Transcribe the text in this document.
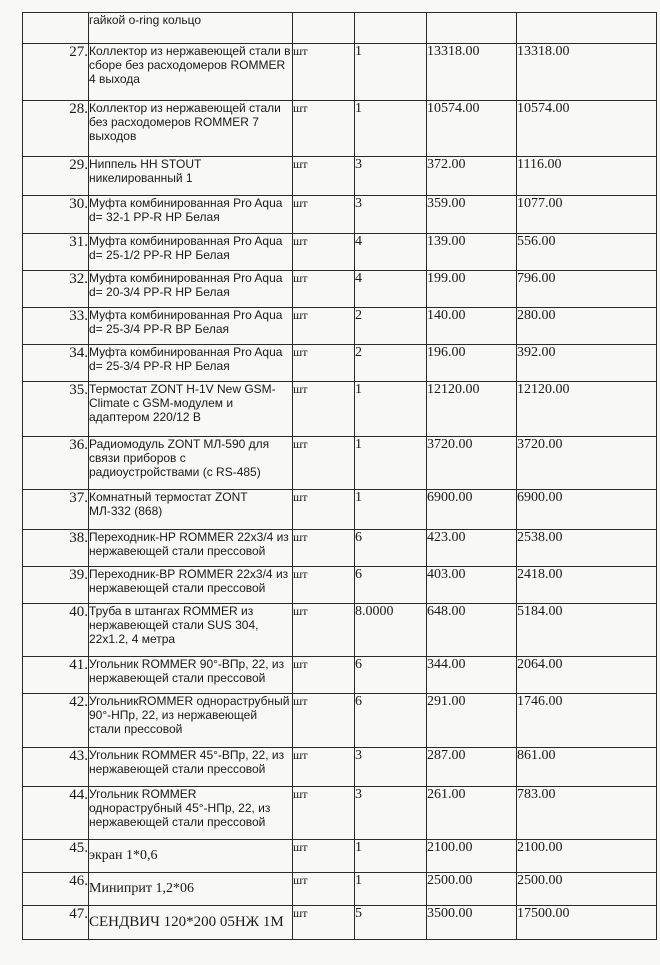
	гайкой o-ring кольцо				
27.	Коллектор из нержавеющей стали в сборе без расходомеров ROMMER 4 выхода	шт	1	13318.00	13318.00
28.	Коллектор из нержавеющей стали без расходомеров ROMMER 7 выходов	шт	1	10574.00	10574.00
29.	Ниппель НН STOUT никелированный 1	шт	3	372.00	1116.00
30.	Муфта комбинированная Pro Aqua d= 32-1 PP-R НР Белая	шт	3	359.00	1077.00
31.	Муфта комбинированная Pro Aqua d= 25-1/2 PP-R НР Белая	шт	4	139.00	556.00
32.	Муфта комбинированная Pro Aqua d= 20-3/4 PP-R НР Белая	шт	4	199.00	796.00
33.	Муфта комбинированная Pro Aqua d= 25-3/4 PP-R ВР Белая	шт	2	140.00	280.00
34.	Муфта комбинированная Pro Aqua d= 25-3/4 PP-R НР Белая	шт	2	196.00	392.00
35.	Термостат ZONT H-1V New GSM-Climate с GSM-модулем и адаптером 220/12 В	шт	1	12120.00	12120.00
36.	Радиомодуль ZONT МЛ-590 для связи приборов с радиоустройствами (с RS-485)	шт	1	3720.00	3720.00
37.	Комнатный термостат ZONT МЛ-332 (868)	шт	1	6900.00	6900.00
38.	Переходник-НР ROMMER 22x3/4 из нержавеющей стали прессовой	шт	6	423.00	2538.00
39.	Переходник-ВР ROMMER 22x3/4 из нержавеющей стали прессовой	шт	6	403.00	2418.00
40.	Труба в штангах ROMMER из нержавеющей стали SUS 304, 22x1.2, 4 метра	шт	8.0000	648.00	5184.00
41.	Угольник ROMMER 90°-ВПр, 22, из нержавеющей стали прессовой	шт	6	344.00	2064.00
42.	УгольникROMMER однораструбный 90°-НПр, 22, из нержавеющей стали прессовой	шт	6	291.00	1746.00
43.	Угольник ROMMER 45°-ВПр, 22, из нержавеющей стали прессовой	шт	3	287.00	861.00
44.	Угольник ROMMER однораструбный 45°-НПр, 22, из нержавеющей стали прессовой	шт	3	261.00	783.00
45.	экран 1*0,6	шт	1	2100.00	2100.00
46.	Миниприт 1,2*06	шт	1	2500.00	2500.00
47.	СЕНДВИЧ 120*200 05НЖ 1М	шт	5	3500.00	17500.00
